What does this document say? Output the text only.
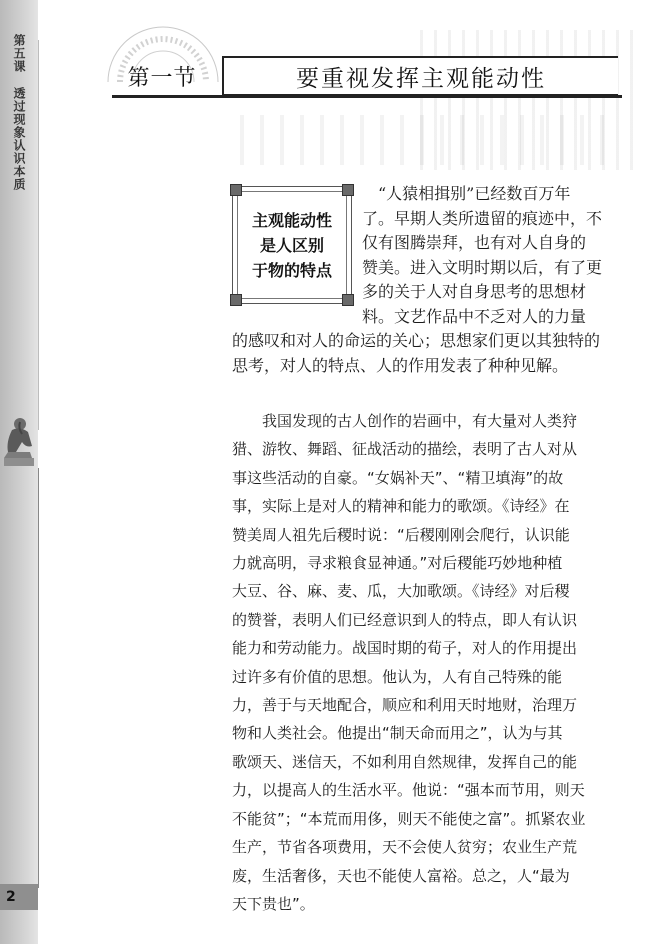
第五课
透过现象认识本质
2
第一节	要重视发挥主观能动性
主观能动性
是人区别
于物的特点
　“人猿相揖别”已经数百万年
了。早期人类所遗留的痕迹中，不
仅有图腾崇拜，也有对人自身的
赞美。进入文明时期以后，有了更
多的关于人对自身思考的思想材
料。文艺作品中不乏对人的力量
的感叹和对人的命运的关心；思想家们更以其独特的
思考，对人的特点、人的作用发表了种种见解。
　　我国发现的古人创作的岩画中，有大量对人类狩
猎、游牧、舞蹈、征战活动的描绘，表明了古人对从
事这些活动的自豪。“女娲补天”、“精卫填海”的故
事，实际上是对人的精神和能力的歌颂。《诗经》在
赞美周人祖先后稷时说：“后稷刚刚会爬行，认识能
力就高明，寻求粮食显神通。”对后稷能巧妙地种植
大豆、谷、麻、麦、瓜，大加歌颂。《诗经》对后稷
的赞誉，表明人们已经意识到人的特点，即人有认识
能力和劳动能力。战国时期的荀子，对人的作用提出
过许多有价值的思想。他认为，人有自己特殊的能
力，善于与天地配合，顺应和利用天时地财，治理万
物和人类社会。他提出“制天命而用之”，认为与其
歌颂天、迷信天，不如利用自然规律，发挥自己的能
力，以提高人的生活水平。他说：“强本而节用，则天
不能贫”；“本荒而用侈，则天不能使之富”。抓紧农业
生产，节省各项费用，天不会使人贫穷；农业生产荒
废，生活奢侈，天也不能使人富裕。总之，人“最为
天下贵也”。
